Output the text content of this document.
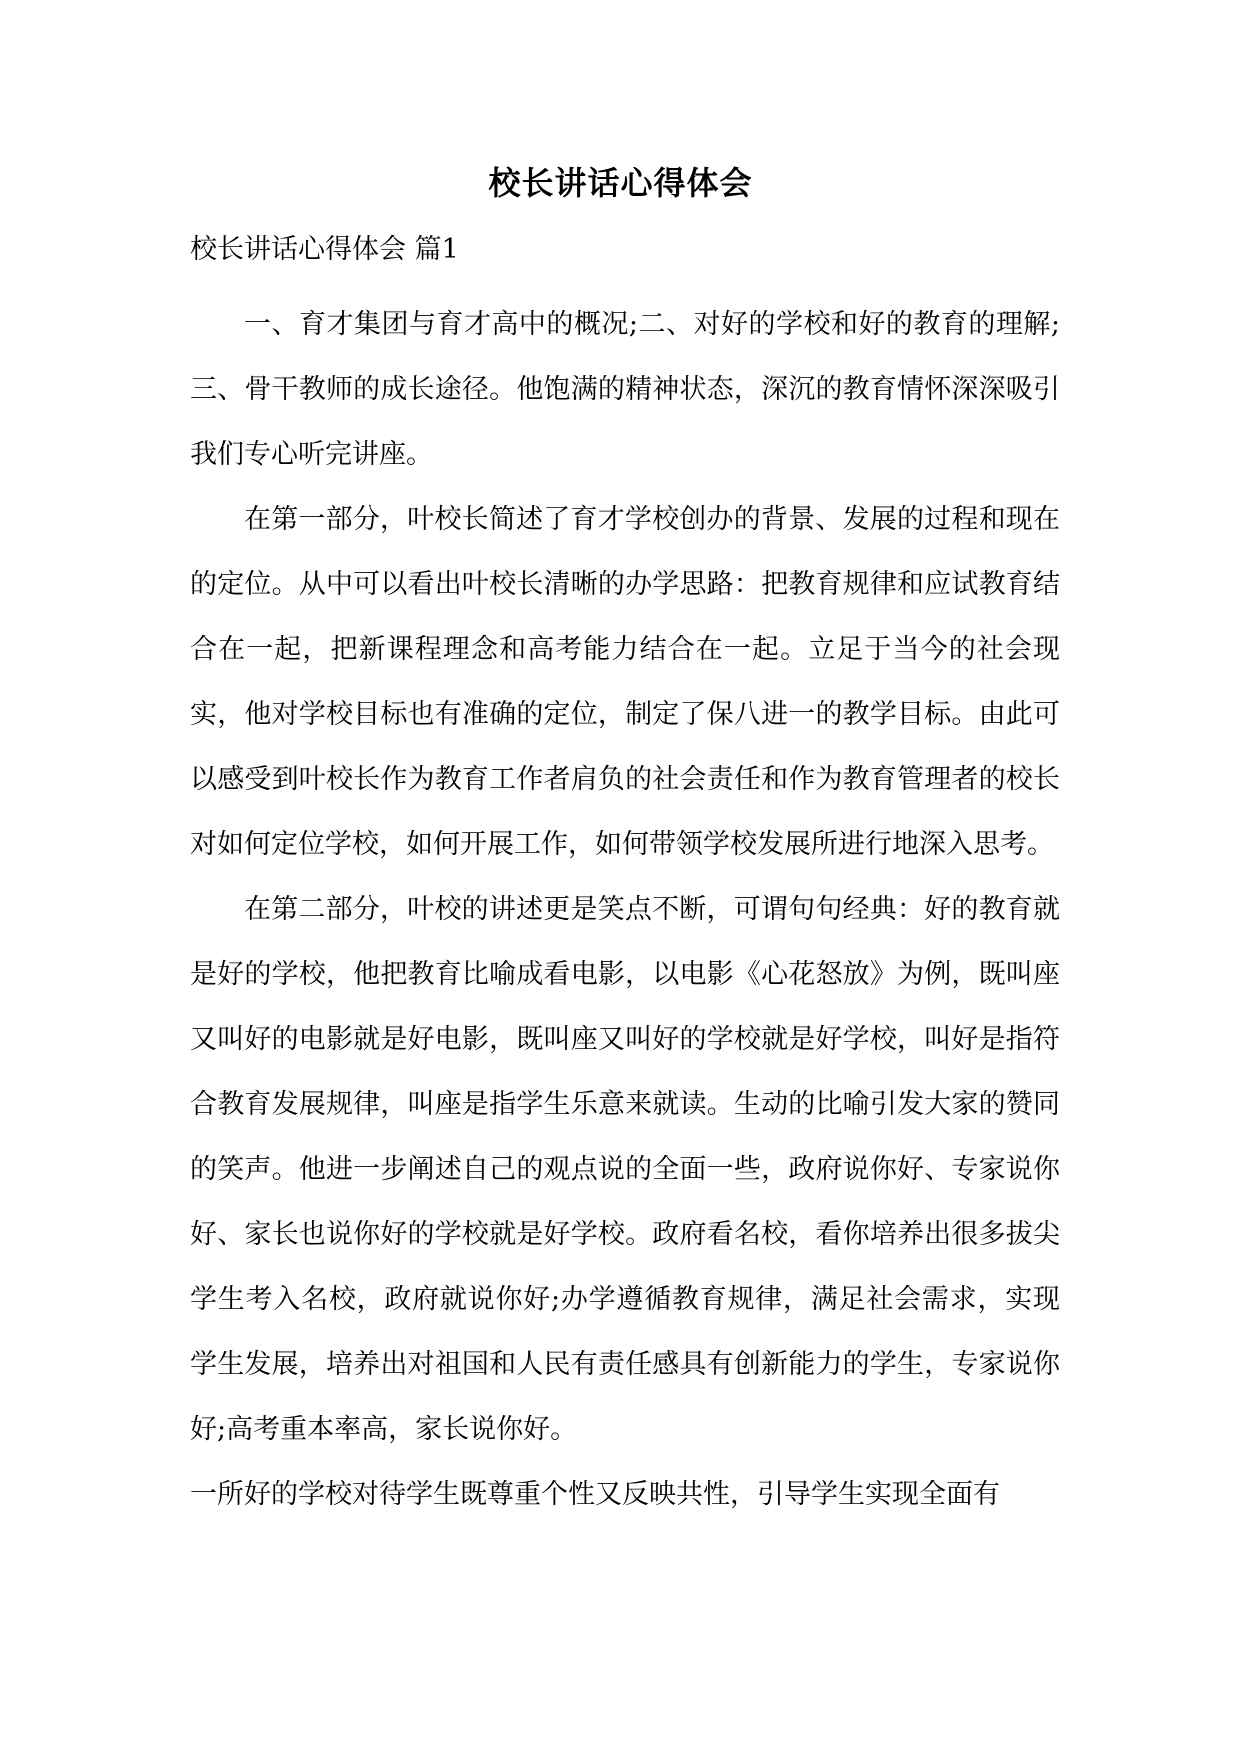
校长讲话心得体会
校长讲话心得体会 篇1

一、育才集团与育才高中的概况;二、对好的学校和好的教育的理解;三、骨干教师的成长途径。他饱满的精神状态，深沉的教育情怀深深吸引我们专心听完讲座。

在第一部分，叶校长简述了育才学校创办的背景、发展的过程和现在的定位。从中可以看出叶校长清晰的办学思路：把教育规律和应试教育结合在一起，把新课程理念和高考能力结合在一起。立足于当今的社会现实，他对学校目标也有准确的定位，制定了保八进一的教学目标。由此可以感受到叶校长作为教育工作者肩负的社会责任和作为教育管理者的校长对如何定位学校，如何开展工作，如何带领学校发展所进行地深入思考。

在第二部分，叶校的讲述更是笑点不断，可谓句句经典：好的教育就是好的学校，他把教育比喻成看电影，以电影《心花怒放》为例，既叫座又叫好的电影就是好电影，既叫座又叫好的学校就是好学校，叫好是指符合教育发展规律，叫座是指学生乐意来就读。生动的比喻引发大家的赞同的笑声。他进一步阐述自己的观点说的全面一些，政府说你好、专家说你好、家长也说你好的学校就是好学校。政府看名校，看你培养出很多拔尖学生考入名校，政府就说你好;办学遵循教育规律，满足社会需求，实现学生发展，培养出对祖国和人民有责任感具有创新能力的学生，专家说你好;高考重本率高，家长说你好。

一所好的学校对待学生既尊重个性又反映共性，引导学生实现全面有
